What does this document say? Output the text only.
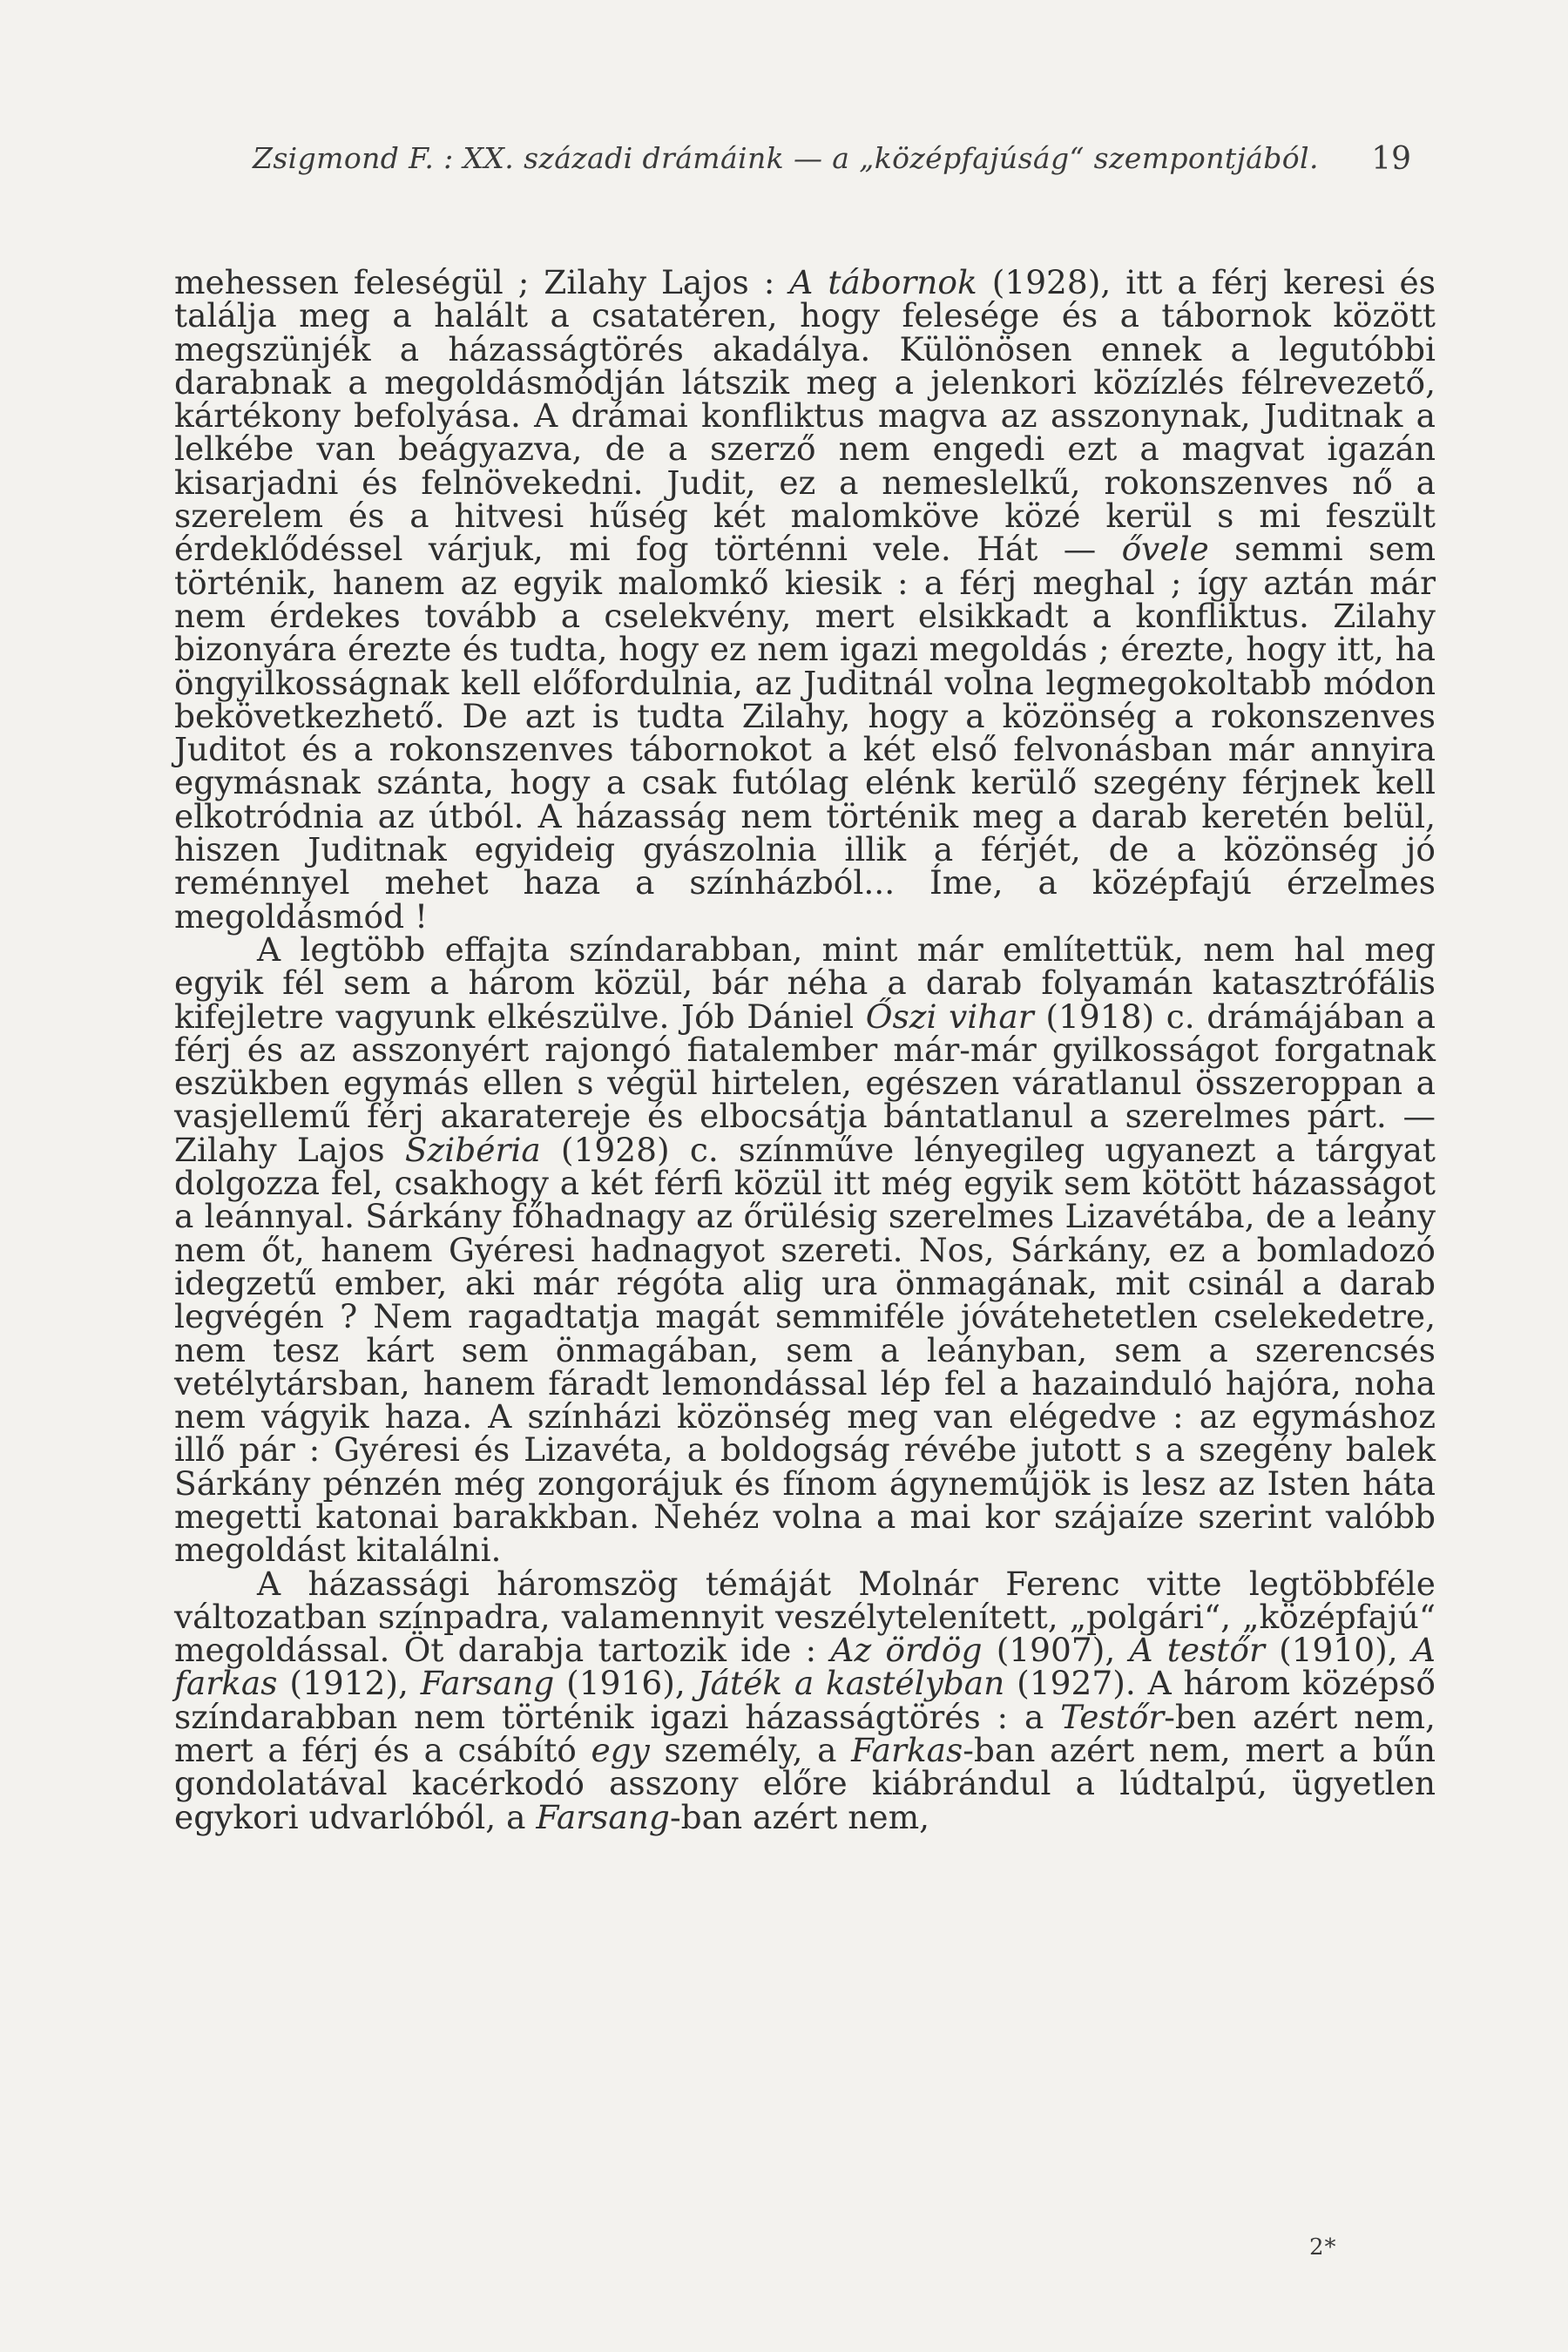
Zsigmond F. : XX. századi drámáink — a „középfajúság“ szempontjából. 19

mehessen feleségül ; Zilahy Lajos : A tábornok (1928), itt a férj keresi és találja meg a halált a csatatéren, hogy felesége és a tábornok között megszünjék a házasságtörés akadálya. Különösen ennek a legutóbbi darabnak a megoldásmódján látszik meg a jelenkori közízlés félrevezető, kártékony befolyása. A drámai konfliktus magva az asszonynak, Juditnak a lelkébe van beágyazva, de a szerző nem engedi ezt a magvat igazán kisarjadni és felnövekedni. Judit, ez a nemeslelkű, rokonszenves nő a szerelem és a hitvesi hűség két malomköve közé kerül s mi feszült érdeklődéssel várjuk, mi fog történni vele. Hát — ővele semmi sem történik, hanem az egyik malomkő kiesik : a férj meghal ; így aztán már nem érdekes tovább a cselekvény, mert elsikkadt a konfliktus. Zilahy bizonyára érezte és tudta, hogy ez nem igazi megoldás ; érezte, hogy itt, ha öngyilkosságnak kell előfordulnia, az Juditnál volna legmegokoltabb módon bekövetkezhető. De azt is tudta Zilahy, hogy a közönség a rokonszenves Juditot és a rokonszenves tábornokot a két első felvonásban már annyira egymásnak szánta, hogy a csak futólag elénk kerülő szegény férjnek kell elkotródnia az útból. A házasság nem történik meg a darab keretén belül, hiszen Juditnak egyideig gyászolnia illik a férjét, de a közönség jó reménnyel mehet haza a színházból... Íme, a középfajú érzelmes megoldásmód !

A legtöbb effajta színdarabban, mint már említettük, nem hal meg egyik fél sem a három közül, bár néha a darab folyamán katasztrófális kifejletre vagyunk elkészülve. Jób Dániel Őszi vihar (1918) c. drámájában a férj és az asszonyért rajongó fiatalember már-már gyilkosságot forgatnak eszükben egymás ellen s végül hirtelen, egészen váratlanul összeroppan a vasjellemű férj akaratereje és elbocsátja bántatlanul a szerelmes párt. — Zilahy Lajos Szibéria (1928) c. színműve lényegileg ugyanezt a tárgyat dolgozza fel, csakhogy a két férfi közül itt még egyik sem kötött házasságot a leánnyal. Sárkány főhadnagy az őrülésig szerelmes Lizavétába, de a leány nem őt, hanem Gyéresi hadnagyot szereti. Nos, Sárkány, ez a bomladozó idegzetű ember, aki már régóta alig ura önmagának, mit csinál a darab legvégén ? Nem ragadtatja magát semmiféle jóvátehetetlen cselekedetre, nem tesz kárt sem önmagában, sem a leányban, sem a szerencsés vetélytársban, hanem fáradt lemondással lép fel a hazainduló hajóra, noha nem vágyik haza. A színházi közönség meg van elégedve : az egymáshoz illő pár : Gyéresi és Lizavéta, a boldogság révébe jutott s a szegény balek Sárkány pénzén még zongorájuk és fínom ágyneműjök is lesz az Isten háta megetti katonai barakkban. Nehéz volna a mai kor szájaíze szerint valóbb megoldást kitalálni.

A házassági háromszög témáját Molnár Ferenc vitte legtöbbféle változatban színpadra, valamennyit veszélytelenített, „polgári“, „középfajú“ megoldással. Öt darabja tartozik ide : Az ördög (1907), A testőr (1910), A farkas (1912), Farsang (1916), Játék a kastélyban (1927). A három középső színdarabban nem történik igazi házasságtörés : a Testőr-ben azért nem, mert a férj és a csábító egy személy, a Farkas-ban azért nem, mert a bűn gondolatával kacérkodó asszony előre kiábrándul a lúdtalpú, ügyetlen egykori udvarlóból, a Farsang-ban azért nem,

2*
